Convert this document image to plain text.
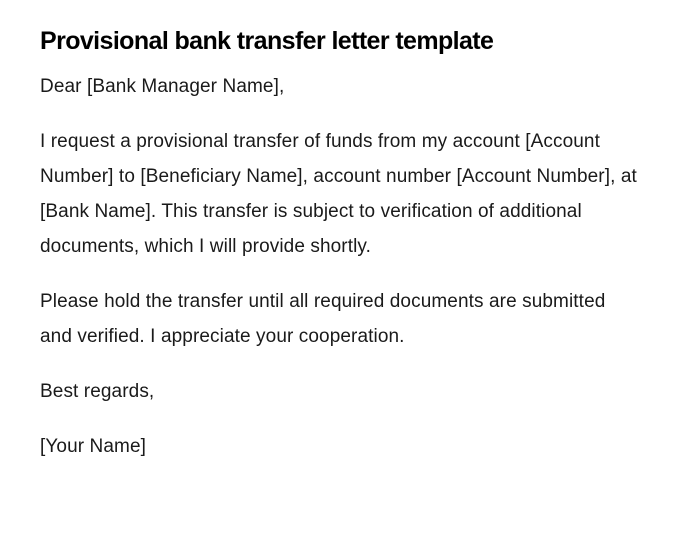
Provisional bank transfer letter template

Dear [Bank Manager Name],

I request a provisional transfer of funds from my account [Account Number] to [Beneficiary Name], account number [Account Number], at [Bank Name]. This transfer is subject to verification of additional documents, which I will provide shortly.

Please hold the transfer until all required documents are submitted and verified. I appreciate your cooperation.

Best regards,

[Your Name]
